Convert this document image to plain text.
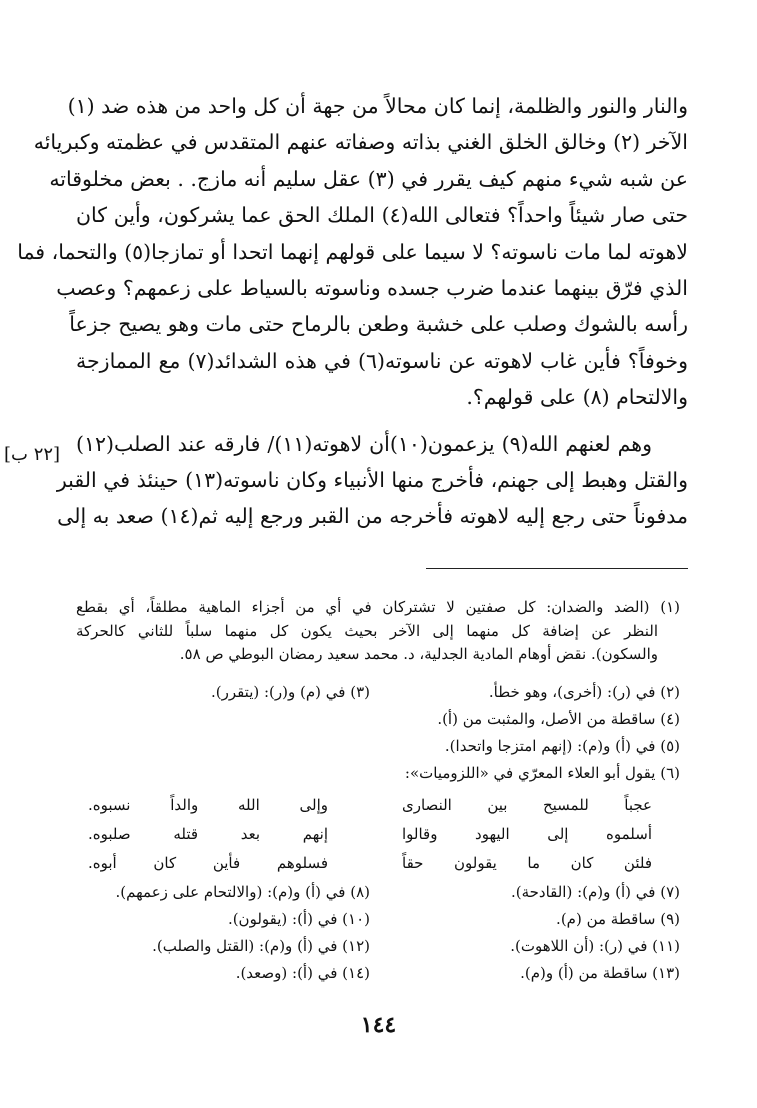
[٢٢ ب]
والنار والنور والظلمة، إنما كان محالاً من جهة أن كل واحد من هذه ضد (١)
الآخر (٢) وخالق الخلق الغني بذاته وصفاته عنهم المتقدس في عظمته وكبريائه
عن شبه شيء منهم كيف يقرر في (٣) عقل سليم أنه مازج. . بعض مخلوقاته
حتى صار شيئاً واحداً؟ فتعالى الله(٤) الملك الحق عما يشركون، وأين كان
لاهوته لما مات ناسوته؟ لا سيما على قولهم إنهما اتحدا أو تمازجا(٥) والتحما، فما
الذي فرّق بينهما عندما ضرب جسده وناسوته بالسياط على زعمهم؟ وعصب
رأسه بالشوك وصلب على خشبة وطعن بالرماح حتى مات وهو يصيح جزعاً
وخوفاً؟ فأين غاب لاهوته عن ناسوته(٦) في هذه الشدائد(٧) مع الممازجة
والالتحام (٨) على قولهم؟.
وهم لعنهم الله(٩) يزعمون(١٠)أن لاهوته(١١)/ فارقه عند الصلب(١٢)
والقتل وهبط إلى جهنم، فأخرج منها الأنبياء وكان ناسوته(١٣) حينئذ في القبر
مدفوناً حتى رجع إليه لاهوته فأخرجه من القبر ورجع إليه ثم(١٤) صعد به إلى
(١) (الضد والضدان: كل صفتين لا تشتركان في أي من أجزاء الماهية مطلقاً، أي بقطع
النظر عن إضافة كل منهما إلى الآخر بحيث يكون كل منهما سلباً للثاني كالحركة
والسكون). نقض أوهام المادية الجدلية، د. محمد سعيد رمضان البوطي ص ٥٨.
(٢) في (ر): (أخرى)، وهو خطأ.
(٣) في (م) و(ر): (يتقرر).
(٤) ساقطة من الأصل، والمثبت من (أ).
(٥) في (أ) و(م): (إنهم امتزجا واتحدا).
(٦) يقول أبو العلاء المعرّي في «اللزوميات»:
عجباً للمسيح بين النصارى
وإلى الله والداً نسبوه.
أسلموه إلى اليهود وقالوا
إنهم بعد قتله صلبوه.
فلئن كان ما يقولون حقاً
فسلوهم فأين كان أبوه.
(٧) في (أ) و(م): (القادحة).
(٨) في (أ) و(م): (والالتحام على زعمهم).
(٩) ساقطة من (م).
(١٠) في (أ): (يقولون).
(١١) في (ر): (أن اللاهوت).
(١٢) في (أ) و(م): (القتل والصلب).
(١٣) ساقطة من (أ) و(م).
(١٤) في (أ): (وصعد).
١٤٤
